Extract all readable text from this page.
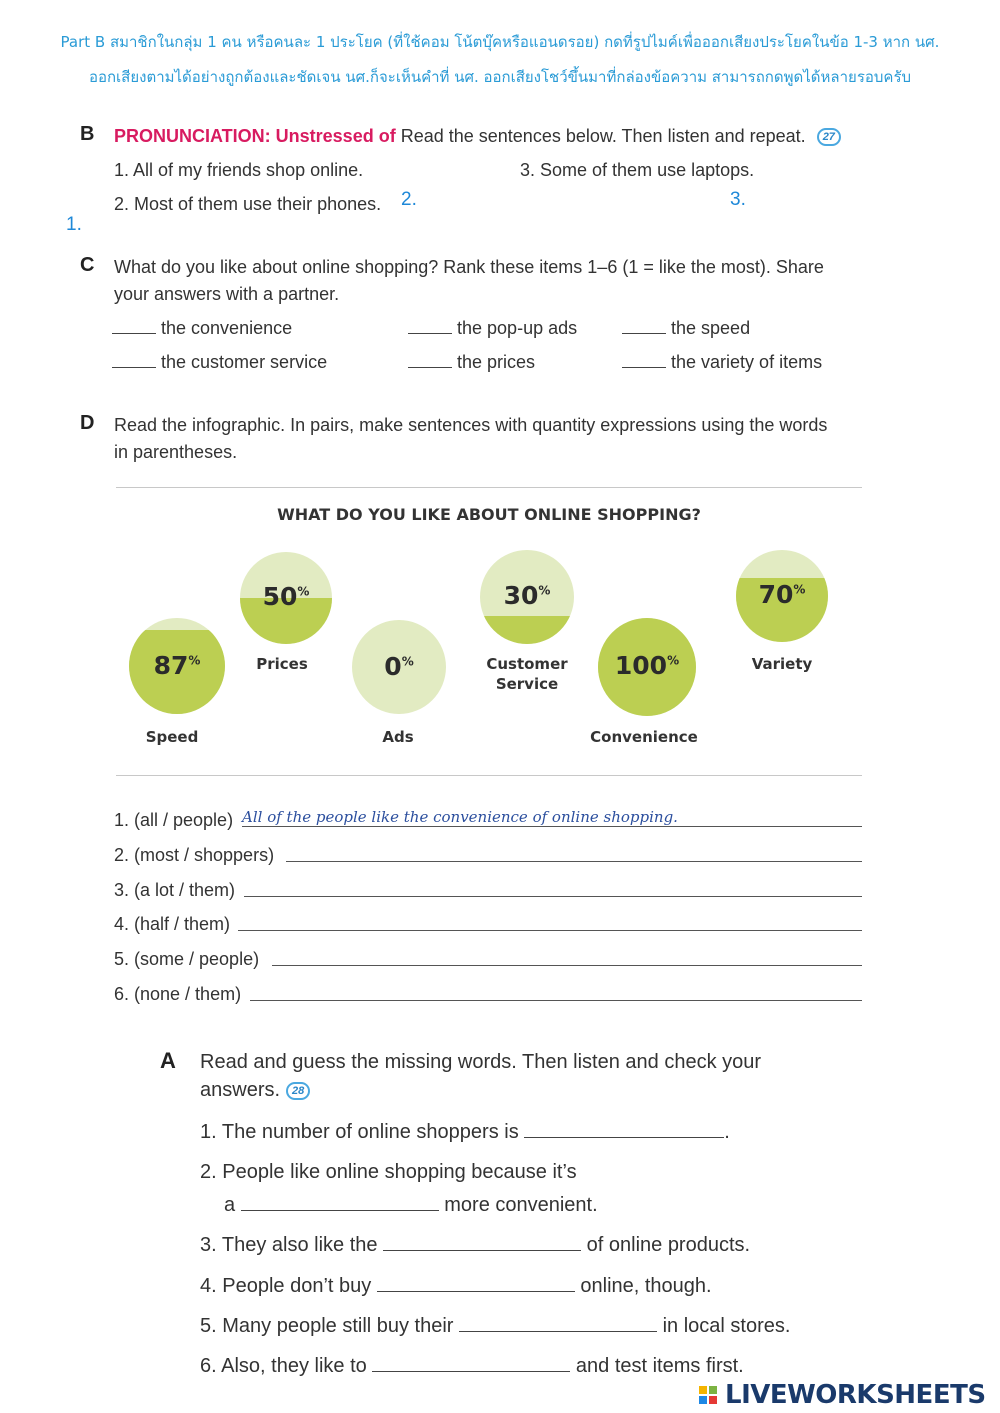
Part B สมาชิกในกลุ่ม 1 คน หรือคนละ 1 ประโยค (ที่ใช้คอม โน้ตบุ๊คหรือแอนดรอย) กดที่รูปไมค์เพื่อออกเสียงประโยคในข้อ 1-3 หาก นศ.
ออกเสียงตามได้อย่างถูกต้องและชัดเจน นศ.ก็จะเห็นคำที่ นศ. ออกเสียงโชว์ขึ้นมาที่กล่องข้อความ สามารถกดพูดได้หลายรอบครับ
B PRONUNCIATION: Unstressed of Read the sentences below. Then listen and repeat. 27
1. All of my friends shop online.
2. Most of them use their phones.
3. Some of them use laptops.
1.
2.	3.
C What do you like about online shopping? Rank these items 1–6 (1 = like the most). Share
your answers with a partner.
the convenience	the pop-up ads	the speed
the customer service	the prices	the variety of items
D Read the infographic. In pairs, make sentences with quantity expressions using the words
in parentheses.
WHAT DO YOU LIKE ABOUT ONLINE SHOPPING?
87%
50%
0%
30%
100%
70%
Speed
Prices
Ads
Customer
Service
Convenience
Variety
1. (all / people) All of the people like the convenience of online shopping.
2. (most / shoppers)
3. (a lot / them)
4. (half / them)
5. (some / people)
6. (none / them)
A Read and guess the missing words. Then listen and check your
answers. 28
1. The number of online shoppers is	.
2. People like online shopping because it’s
a	more convenient.
3. They also like the	of online products.
4. People don’t buy	online, though.
5. Many people still buy their	in local stores.
6. Also, they like to	and test items first.
LIVEWORKSHEETS
